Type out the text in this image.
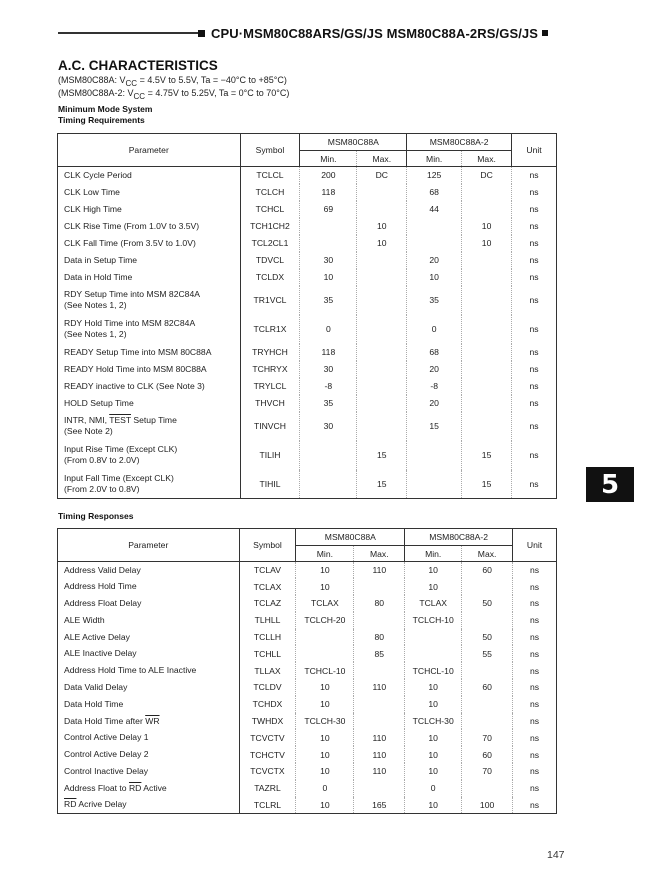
CPU·MSM80C88ARS/GS/JS MSM80C88A-2RS/GS/JS
A.C. CHARACTERISTICS
(MSM80C88A: $V_{CC} = 4.5V$ to 5.5V, Ta = −40°C to +85°C)
(MSM80C88A-2: $V_{CC} = 4.75V$ to 5.25V, Ta = 0°C to 70°C)
Minimum Mode System
Timing Requirements
Parameter	Symbol	MSM80C88A		MSM80C88A-2		Unit
		Min.	Max.	Min.	Max.	
CLK Cycle Period	TCLCL	200	DC	125	DC	ns
CLK Low Time	TCLCH	118		68		ns
CLK High Time	TCHCL	69		44		ns
CLK Rise Time (From 1.0V to 3.5V)	TCH1CH2		10		10	ns
CLK Fall Time (From 3.5V to 1.0V)	TCL2CL1		10		10	ns
Data in Setup Time	TDVCL	30		20		ns
Data in Hold Time	TCLDX	10		10		ns
RDY Setup Time into MSM 82C84A
(See Notes 1, 2)	TR1VCL	35		35		ns
RDY Hold Time into MSM 82C84A
(See Notes 1, 2)	TCLR1X	0		0		ns
READY Setup Time into MSM 80C88A	TRYHCH	118		68		ns
READY Hold Time into MSM 80C88A	TCHRYX	30		20		ns
READY inactive to CLK (See Note 3)	TRYLCL	-8		-8		ns
HOLD Setup Time	THVCH	35		20		ns
INTR, NMI, TEST Setup Time
(See Note 2)	TINVCH	30		15		ns
Input Rise Time (Except CLK)
(From 0.8V to 2.0V)	TILIH		15		15	ns
Input Fall Time (Except CLK)
(From 2.0V to 0.8V)	TIHIL		15		15	ns
Timing Responses
Parameter	Symbol	MSM80C88A		MSM80C88A-2		Unit
		Min.	Max.	Min.	Max.	
Address Valid Delay	TCLAV	10	110	10	60	ns
Address Hold Time	TCLAX	10		10		ns
Address Float Delay	TCLAZ	TCLAX	80	TCLAX	50	ns
ALE Width	TLHLL	TCLCH-20		TCLCH-10		ns
ALE Active Delay	TCLLH		80		50	ns
ALE Inactive Delay	TCHLL		85		55	ns
Address Hold Time to ALE Inactive	TLLAX	TCHCL-10		TCHCL-10		ns
Data Valid Delay	TCLDV	10	110	10	60	ns
Data Hold Time	TCHDX	10		10		ns
Data Hold Time after $\overline{WR}$	TWHDX	TCLCH-30		TCLCH-30		ns
Control Active Delay 1	TCVCTV	10	110	10	70	ns
Control Active Delay 2	TCHCTV	10	110	10	60	ns
Control Inactive Delay	TCVCTX	10	110	10	70	ns
Address Float to $\overline{RD}$ Active	TAZRL	0		0		ns
$\overline{RD}$ Acrive Delay	TCLRL	10	165	10	100	ns
5
147
